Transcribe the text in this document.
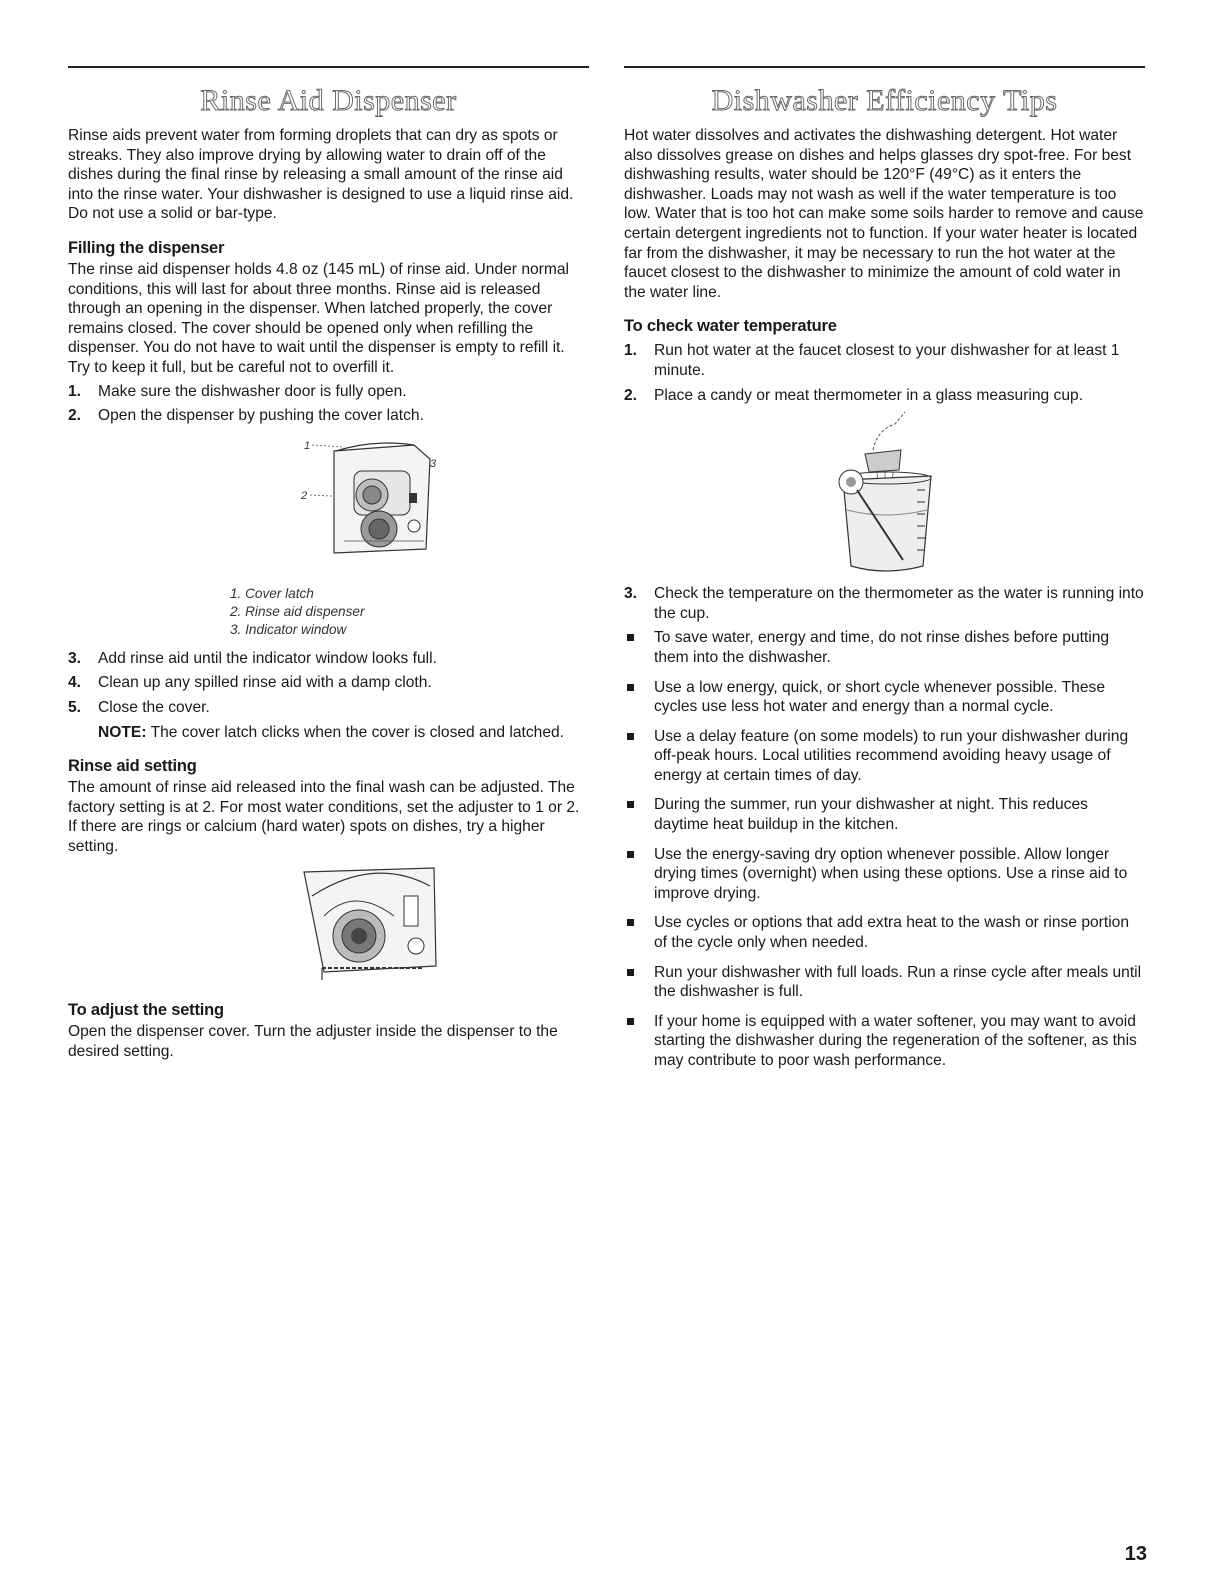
Rinse Aid Dispenser

Rinse aids prevent water from forming droplets that can dry as spots or streaks. They also improve drying by allowing water to drain off of the dishes during the final rinse by releasing a small amount of the rinse aid into the rinse water. Your dishwasher is designed to use a liquid rinse aid. Do not use a solid or bar-type.

Filling the dispenser

The rinse aid dispenser holds 4.8 oz (145 mL) of rinse aid. Under normal conditions, this will last for about three months. Rinse aid is released through an opening in the dispenser. When latched properly, the cover remains closed. The cover should be opened only when refilling the dispenser. You do not have to wait until the dispenser is empty to refill it. Try to keep it full, but be careful not to overfill it.

1. Make sure the dishwasher door is fully open.
2. Open the dispenser by pushing the cover latch.
1
2
3
1. Cover latch
2. Rinse aid dispenser
3. Indicator window
3. Add rinse aid until the indicator window looks full.
4. Clean up any spilled rinse aid with a damp cloth.
5. Close the cover.
NOTE: The cover latch clicks when the cover is closed and latched.
Rinse aid setting

The amount of rinse aid released into the final wash can be adjusted. The factory setting is at 2. For most water conditions, set the adjuster to 1 or 2. If there are rings or calcium (hard water) spots on dishes, try a higher setting.

To adjust the setting

Open the dispenser cover. Turn the adjuster inside the dispenser to the desired setting.

Dishwasher Efficiency Tips

Hot water dissolves and activates the dishwashing detergent. Hot water also dissolves grease on dishes and helps glasses dry spot-free. For best dishwashing results, water should be 120°F (49°C) as it enters the dishwasher. Loads may not wash as well if the water temperature is too low. Water that is too hot can make some soils harder to remove and cause certain detergent ingredients not to function. If your water heater is located far from the dishwasher, it may be necessary to run the hot water at the faucet closest to the dishwasher to minimize the amount of cold water in the water line.

To check water temperature
1. Run hot water at the faucet closest to your dishwasher for at least 1 minute.
2. Place a candy or meat thermometer in a glass measuring cup.
3. Check the temperature on the thermometer as the water is running into the cup.
To save water, energy and time, do not rinse dishes before putting them into the dishwasher.
Use a low energy, quick, or short cycle whenever possible. These cycles use less hot water and energy than a normal cycle.
Use a delay feature (on some models) to run your dishwasher during off-peak hours. Local utilities recommend avoiding heavy usage of energy at certain times of day.
During the summer, run your dishwasher at night. This reduces daytime heat buildup in the kitchen.
Use the energy-saving dry option whenever possible. Allow longer drying times (overnight) when using these options. Use a rinse aid to improve drying.
Use cycles or options that add extra heat to the wash or rinse portion of the cycle only when needed.
Run your dishwasher with full loads. Run a rinse cycle after meals until the dishwasher is full.
If your home is equipped with a water softener, you may want to avoid starting the dishwasher during the regeneration of the softener, as this may contribute to poor wash performance.
13
